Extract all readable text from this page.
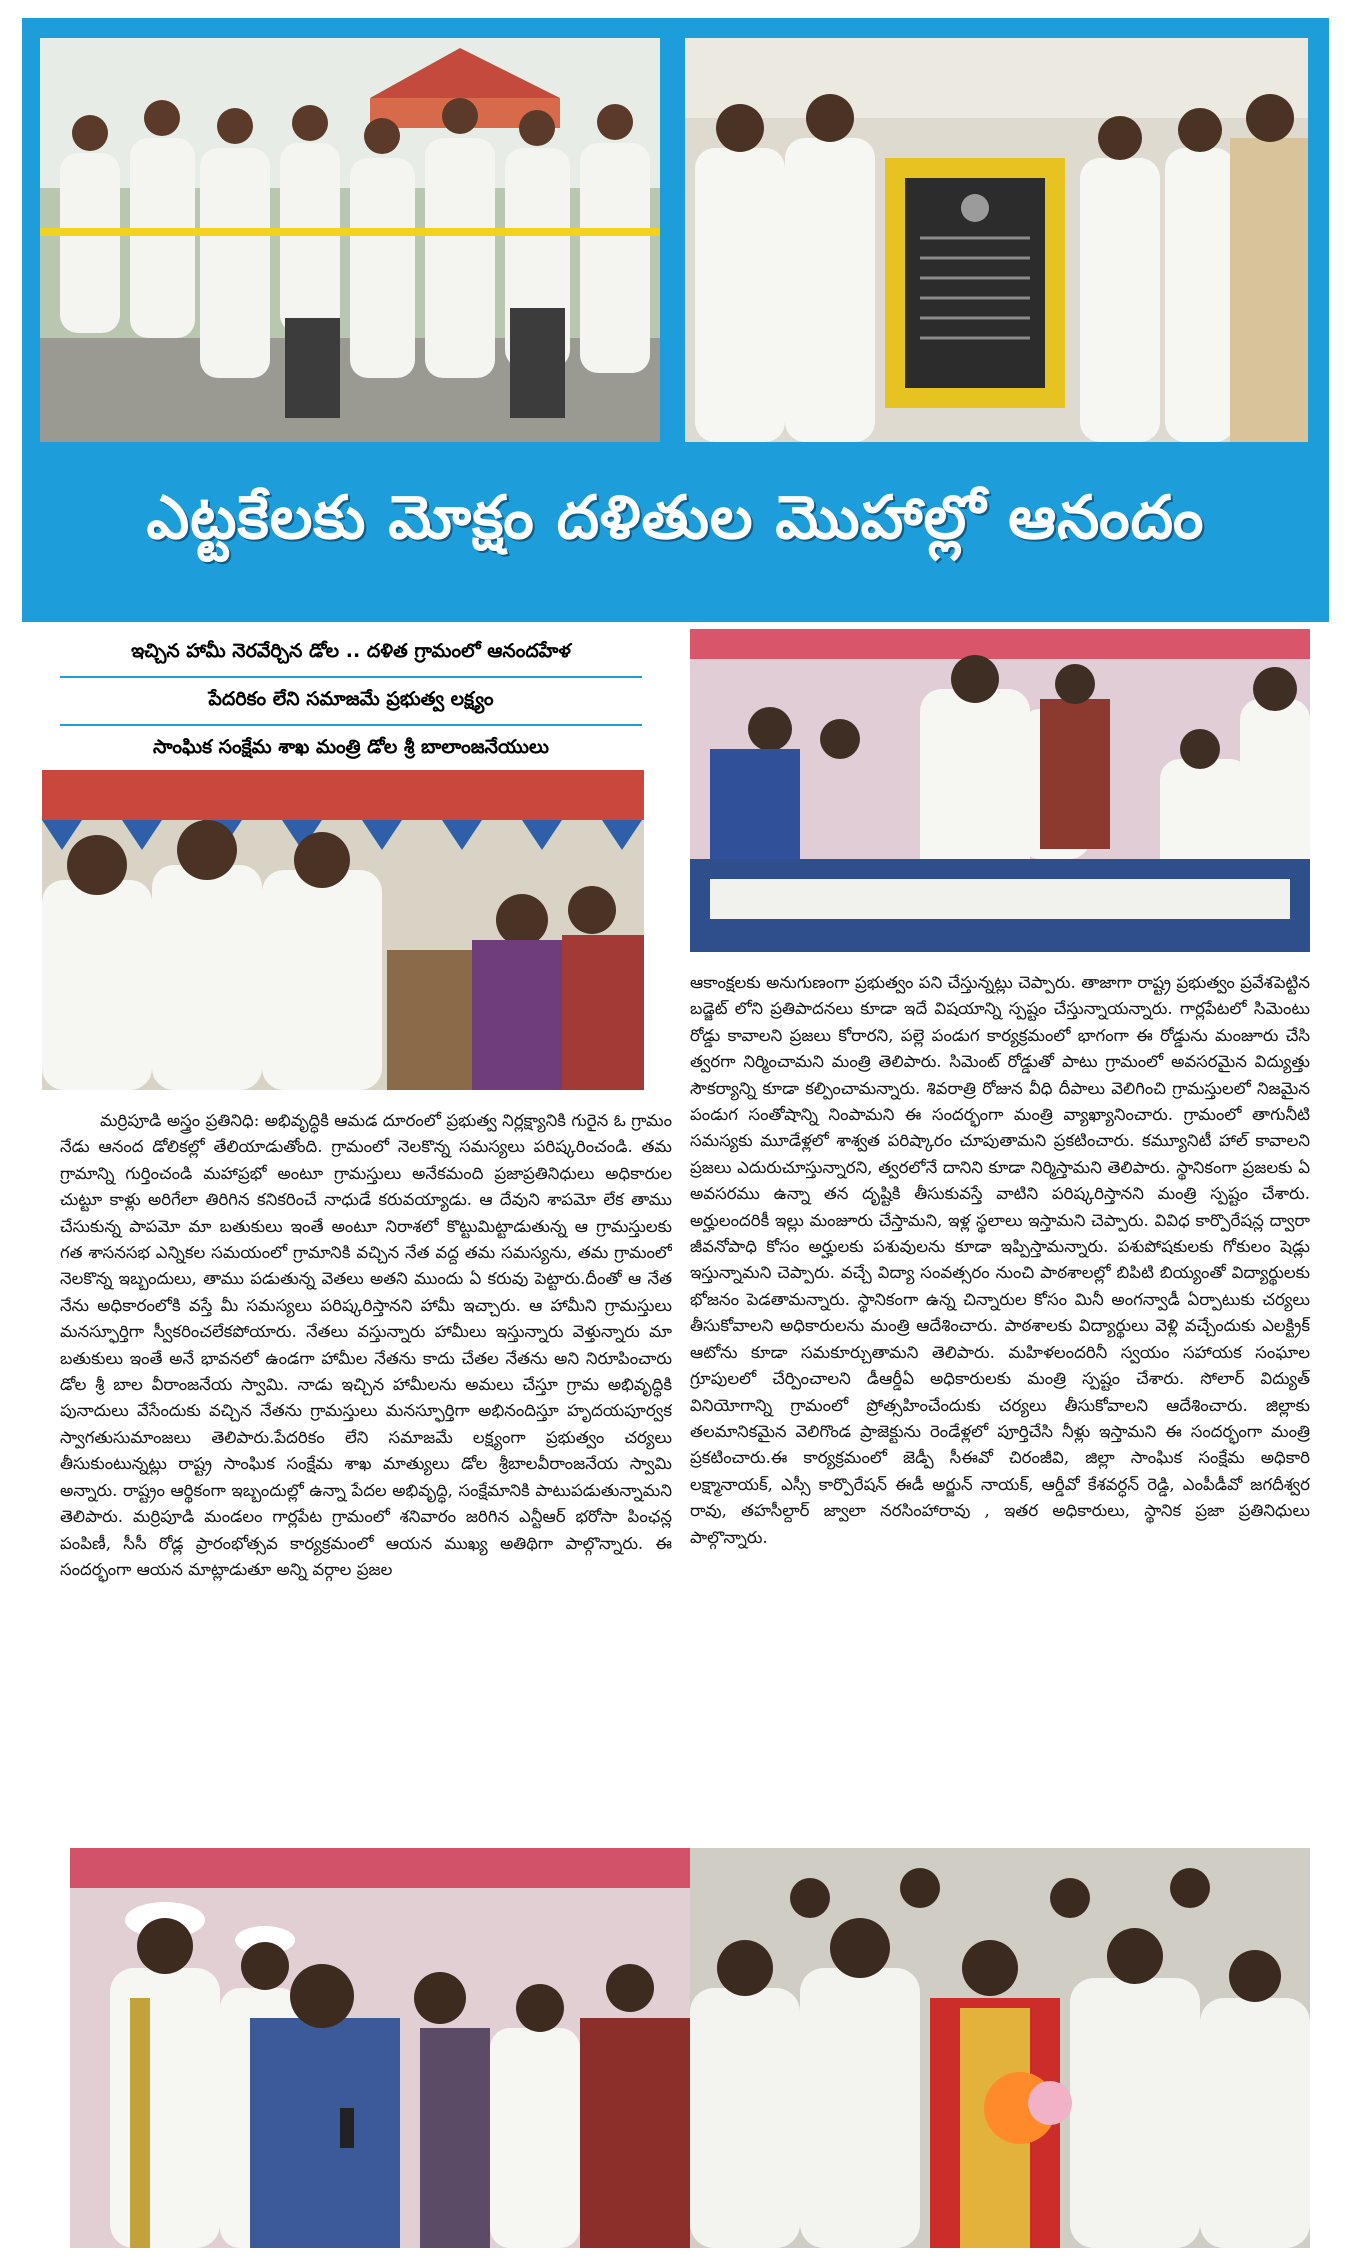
ఎట్టకేలకు మోక్షం దళితుల మొహాల్లో ఆనందం
ఇచ్చిన హామీ నెరవేర్చిన డోల .. దళిత గ్రామంలో ఆనందహేళ
పేదరికం లేని సమాజమే ప్రభుత్వ లక్ష్యం
సాంఘిక సంక్షేమ శాఖ మంత్రి డోల శ్రీ బాలాంజనేయులు

మర్రిపూడి అస్త్రం ప్రతినిధి: అభివృద్ధికి ఆమడ దూరంలో ప్రభుత్వ నిర్లక్ష్యానికి గురైన ఓ గ్రామం నేడు ఆనంద డోలికల్లో తేలియాడుతోంది. గ్రామంలో నెలకొన్న సమస్యలు పరిష్కరించండి. తమ గ్రామాన్ని గుర్తించండి మహాప్రభో అంటూ గ్రామస్తులు అనేకమంది ప్రజాప్రతినిధులు అధికారుల చుట్టూ కాళ్లు అరిగేలా తిరిగిన కనికరించే నాధుడే కరువయ్యాడు. ఆ దేవుని శాపమో లేక తాము చేసుకున్న పాపమో మా బతుకులు ఇంతే అంటూ నిరాశలో కొట్టుమిట్టాడుతున్న ఆ గ్రామస్తులకు గత శాసనసభ ఎన్నికల సమయంలో గ్రామానికి వచ్చిన నేత వద్ద తమ సమస్యను, తమ గ్రామంలో నెలకొన్న ఇబ్బందులు, తాము పడుతున్న వెతలు అతని ముందు ఏ కరువు పెట్టారు.దీంతో ఆ నేత నేను అధికారంలోకి వస్తే మీ సమస్యలు పరిష్కరిస్తానని హామీ ఇచ్చారు. ఆ హామీని గ్రామస్తులు మనస్ఫూర్తిగా స్వీకరించలేకపోయారు. నేతలు వస్తున్నారు హామీలు ఇస్తున్నారు వెళ్తున్నారు మా బతుకులు ఇంతే అనే భావనలో ఉండగా హామీల నేతను కాదు చేతల నేతను అని నిరూపించారు డోల శ్రీ బాల వీరాంజనేయ స్వామి. నాడు ఇచ్చిన హామీలను అమలు చేస్తూ గ్రామ అభివృద్ధికి పునాదులు వేసేందుకు వచ్చిన నేతను గ్రామస్తులు మనస్ఫూర్తిగా అభినందిస్తూ హృదయపూర్వక స్వాగతుసుమాంజలు తెలిపారు.పేదరికం లేని సమాజమే లక్ష్యంగా ప్రభుత్వం చర్యలు తీసుకుంటున్నట్లు రాష్ట్ర సాంఘిక సంక్షేమ శాఖ మాత్యులు డోల శ్రీబాలవీరాంజనేయ స్వామి అన్నారు. రాష్ట్రం ఆర్థికంగా ఇబ్బందుల్లో ఉన్నా పేదల అభివృద్ధి, సంక్షేమానికి పాటుపడుతున్నామని తెలిపారు. మర్రిపూడి మండలం గార్లపేట గ్రామంలో శనివారం జరిగిన ఎన్టీఆర్ భరోసా పింఛన్ల పంపిణీ, సీసీ రోడ్ల ప్రారంభోత్సవ కార్యక్రమంలో ఆయన ముఖ్య అతిథిగా పాల్గొన్నారు. ఈ సందర్భంగా ఆయన మాట్లాడుతూ అన్ని వర్గాల ప్రజల

ఆకాంక్షలకు అనుగుణంగా ప్రభుత్వం పని చేస్తున్నట్లు చెప్పారు. తాజాగా రాష్ట్ర ప్రభుత్వం ప్రవేశపెట్టిన బడ్జెట్ లోని ప్రతిపాదనలు కూడా ఇదే విషయాన్ని స్పష్టం చేస్తున్నాయన్నారు. గార్లపేటలో సిమెంటు రోడ్డు కావాలని ప్రజలు కోరారని, పల్లె పండుగ కార్యక్రమంలో భాగంగా ఈ రోడ్డును మంజూరు చేసి త్వరగా నిర్మించామని మంత్రి తెలిపారు. సిమెంట్ రోడ్డుతో పాటు గ్రామంలో అవసరమైన విద్యుత్తు సౌకర్యాన్ని కూడా కల్పించామన్నారు. శివరాత్రి రోజున వీధి దీపాలు వెలిగించి గ్రామస్తులలో నిజమైన పండుగ సంతోషాన్ని నింపామని ఈ సందర్భంగా మంత్రి వ్యాఖ్యానించారు. గ్రామంలో తాగునీటి సమస్యకు మూడేళ్లలో శాశ్వత పరిష్కారం చూపుతామని ప్రకటించారు. కమ్యూనిటీ హాల్ కావాలని ప్రజలు ఎదురుచూస్తున్నారని, త్వరలోనే దానిని కూడా నిర్మిస్తామని తెలిపారు. స్థానికంగా ప్రజలకు ఏ అవసరము ఉన్నా తన దృష్టికి తీసుకువస్తే వాటిని పరిష్కరిస్తానని మంత్రి స్పష్టం చేశారు. అర్హులందరికీ ఇల్లు మంజూరు చేస్తామని, ఇళ్ల స్థలాలు ఇస్తామని చెప్పారు. వివిధ కార్పొరేషన్ల ద్వారా జీవనోపాధి కోసం అర్హులకు పశువులను కూడా ఇప్పిస్తామన్నారు. పశుపోషకులకు గోకులం షెడ్లు ఇస్తున్నామని చెప్పారు. వచ్చే విద్యా సంవత్సరం నుంచి పాఠశాలల్లో బిపిటి బియ్యంతో విద్యార్థులకు భోజనం పెడతామన్నారు. స్థానికంగా ఉన్న చిన్నారుల కోసం మినీ అంగన్వాడీ ఏర్పాటుకు చర్యలు తీసుకోవాలని అధికారులను మంత్రి ఆదేశించారు. పాఠశాలకు విద్యార్థులు వెళ్లి వచ్చేందుకు ఎలక్ట్రిక్ ఆటోను కూడా సమకూర్చుతామని తెలిపారు. మహిళలందరినీ స్వయం సహాయక సంఘాల గ్రూపులలో చేర్పించాలని డీఆర్డీఏ అధికారులకు మంత్రి స్పష్టం చేశారు. సోలార్ విద్యుత్ వినియోగాన్ని గ్రామంలో ప్రోత్సహించేందుకు చర్యలు తీసుకోవాలని ఆదేశించారు. జిల్లాకు తలమానికమైన వెలిగొండ ప్రాజెక్టును రెండేళ్లలో పూర్తిచేసి నీళ్లు ఇస్తామని ఈ సందర్భంగా మంత్రి ప్రకటించారు.ఈ కార్యక్రమంలో జెడ్పీ సీఈవో చిరంజీవి, జిల్లా సాంఘిక సంక్షేమ అధికారి లక్ష్మానాయక్, ఎస్సీ కార్పొరేషన్ ఈడీ అర్జున్ నాయక్, ఆర్డీవో కేశవర్ధన్ రెడ్డి, ఎంపీడీవో జగదీశ్వర రావు, తహసీల్దార్ జ్వాలా నరసింహారావు , ఇతర అధికారులు, స్థానిక ప్రజా ప్రతినిధులు పాల్గొన్నారు.
